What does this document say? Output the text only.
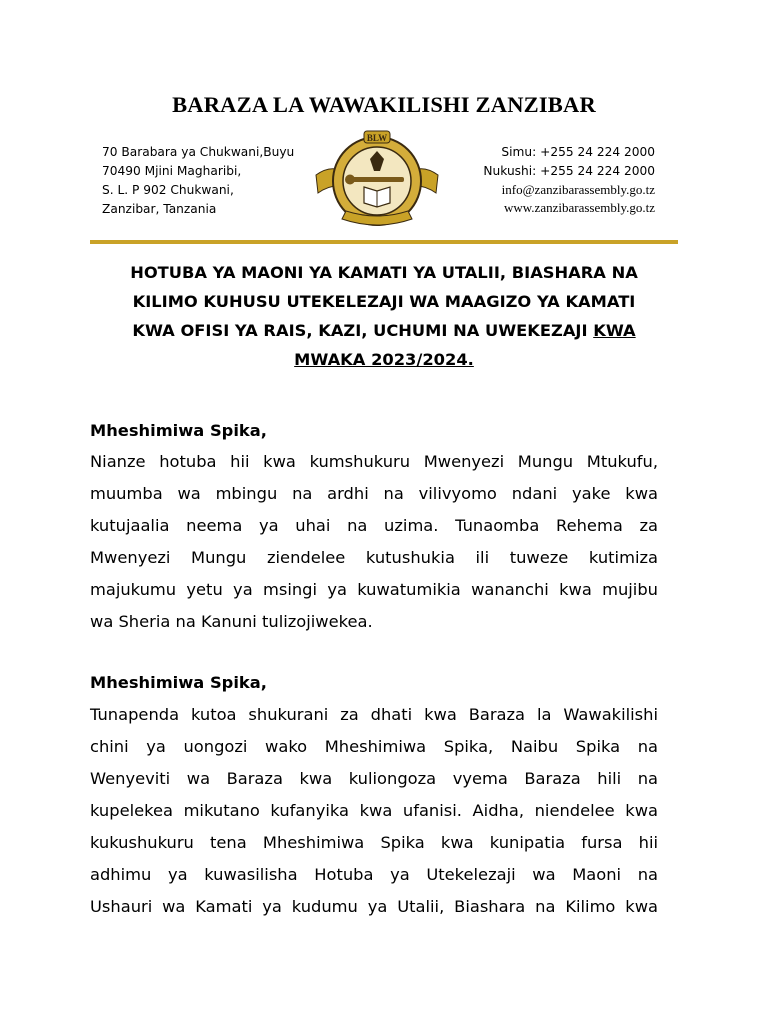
BARAZA LA WAWAKILISHI ZANZIBAR
70 Barabara ya Chukwani,Buyu
70490 Mjini Magharibi,
S. L. P 902 Chukwani,
Zanzibar, Tanzania
BLW
Simu: +255 24 224 2000
Nukushi: +255 24 224 2000
info@zanzibarassembly.go.tz
www.zanzibarassembly.go.tz
HOTUBA YA MAONI YA KAMATI YA UTALII, BIASHARA NA
KILIMO KUHUSU UTEKELEZAJI WA MAAGIZO YA KAMATI
KWA OFISI YA RAIS, KAZI, UCHUMI NA UWEKEZAJI KWA
MWAKA 2023/2024.
Mheshimiwa Spika,
Nianze hotuba hii kwa kumshukuru Mwenyezi Mungu Mtukufu,
muumba wa mbingu na ardhi na vilivyomo ndani yake kwa
kutujaalia neema ya uhai na uzima. Tunaomba Rehema za
Mwenyezi Mungu ziendelee kutushukia ili tuweze kutimiza
majukumu yetu ya msingi ya kuwatumikia wananchi kwa mujibu
wa Sheria na Kanuni tulizojiwekea.
Mheshimiwa Spika,
Tunapenda kutoa shukurani za dhati kwa Baraza la Wawakilishi
chini ya uongozi wako Mheshimiwa Spika, Naibu Spika na
Wenyeviti wa Baraza kwa kuliongoza vyema Baraza hili na
kupelekea mikutano kufanyika kwa ufanisi. Aidha, niendelee kwa
kukushukuru tena Mheshimiwa Spika kwa kunipatia fursa hii
adhimu ya kuwasilisha Hotuba ya Utekelezaji wa Maoni na
Ushauri wa Kamati ya kudumu ya Utalii, Biashara na Kilimo kwa
